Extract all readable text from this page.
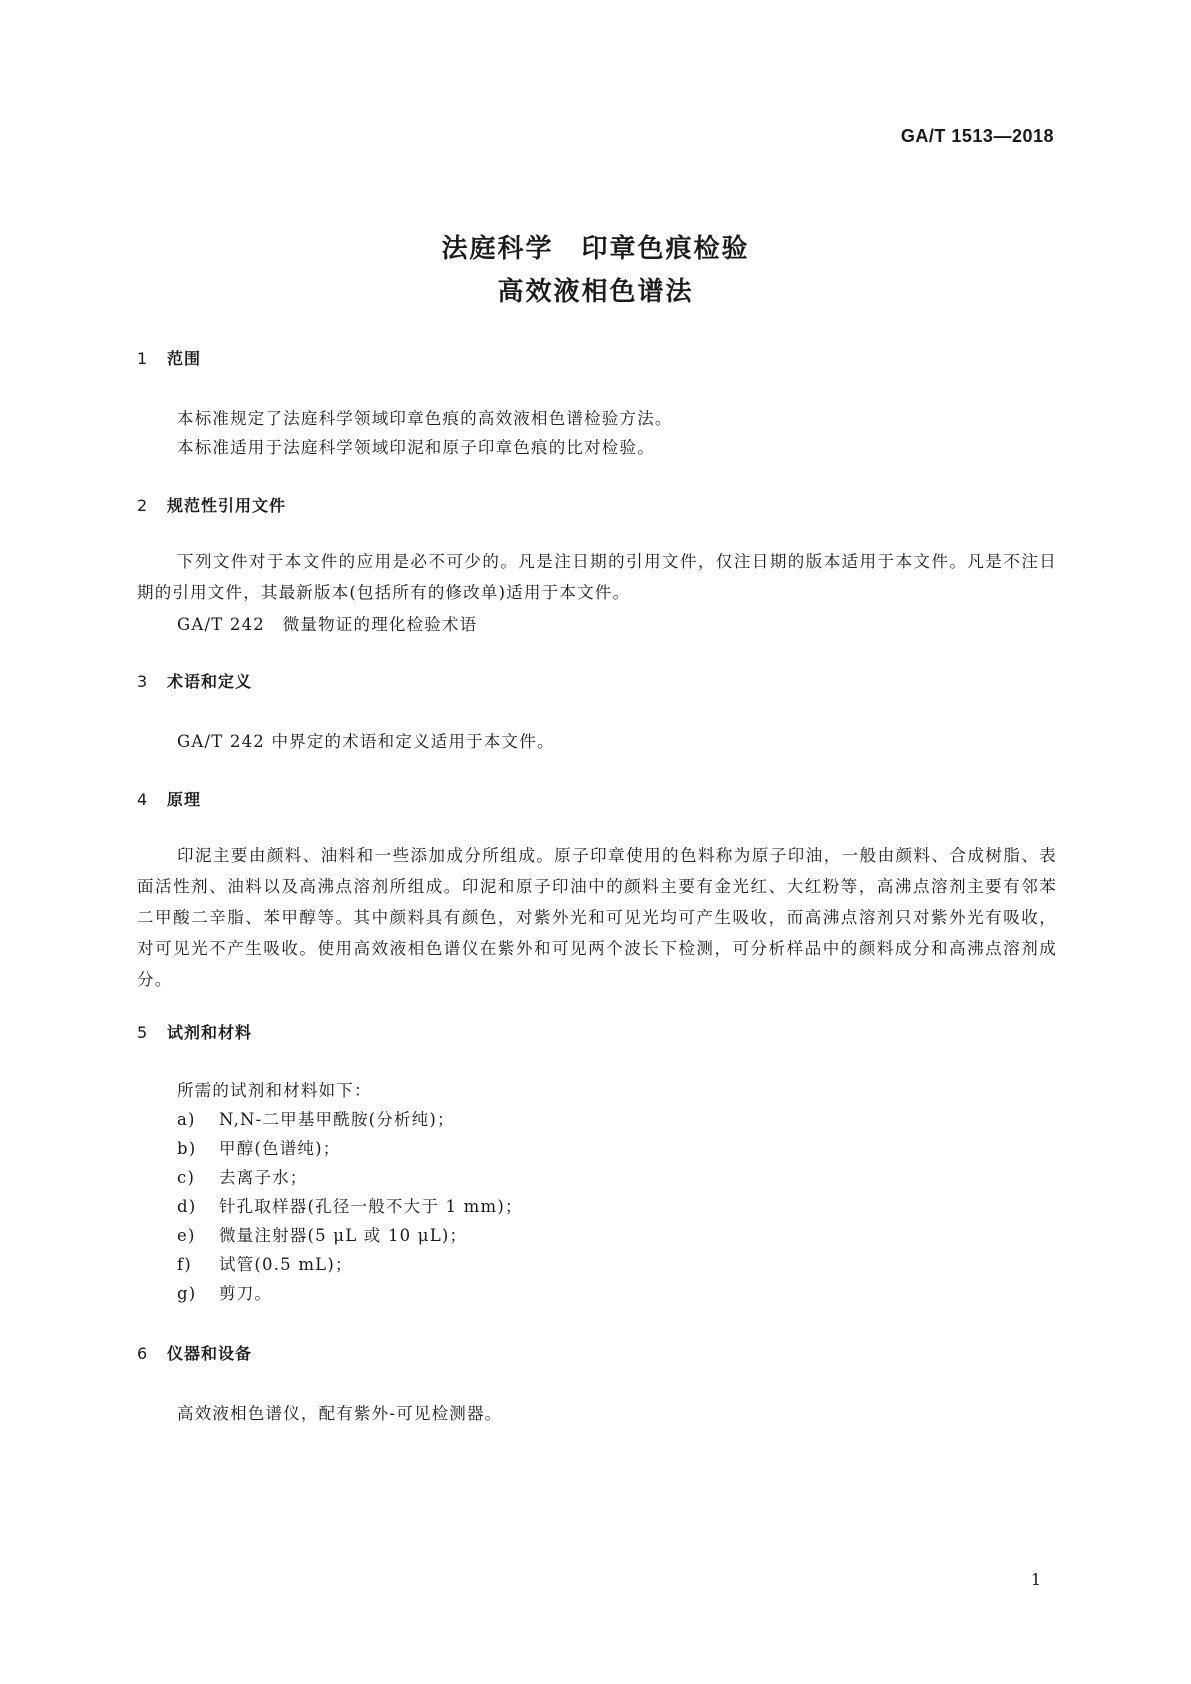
GA/T 1513—2018
法庭科学　印章色痕检验
高效液相色谱法
1 范围
本标准规定了法庭科学领域印章色痕的高效液相色谱检验方法。
本标准适用于法庭科学领域印泥和原子印章色痕的比对检验。
2 规范性引用文件
下列文件对于本文件的应用是必不可少的。凡是注日期的引用文件，仅注日期的版本适用于本文件。凡是不注日期的引用文件，其最新版本(包括所有的修改单)适用于本文件。
GA/T 242　微量物证的理化检验术语
3 术语和定义
GA/T 242 中界定的术语和定义适用于本文件。
4 原理
印泥主要由颜料、油料和一些添加成分所组成。原子印章使用的色料称为原子印油，一般由颜料、合成树脂、表面活性剂、油料以及高沸点溶剂所组成。印泥和原子印油中的颜料主要有金光红、大红粉等，高沸点溶剂主要有邻苯二甲酸二辛脂、苯甲醇等。其中颜料具有颜色，对紫外光和可见光均可产生吸收，而高沸点溶剂只对紫外光有吸收，对可见光不产生吸收。使用高效液相色谱仪在紫外和可见两个波长下检测，可分析样品中的颜料成分和高沸点溶剂成分。
5 试剂和材料
所需的试剂和材料如下：
a) N,N-二甲基甲酰胺(分析纯)；
b) 甲醇(色谱纯)；
c) 去离子水；
d) 针孔取样器(孔径一般不大于 1 mm)；
e) 微量注射器(5 μL 或 10 μL)；
f) 试管(0.5 mL)；
g) 剪刀。
6 仪器和设备
高效液相色谱仪，配有紫外-可见检测器。
1
